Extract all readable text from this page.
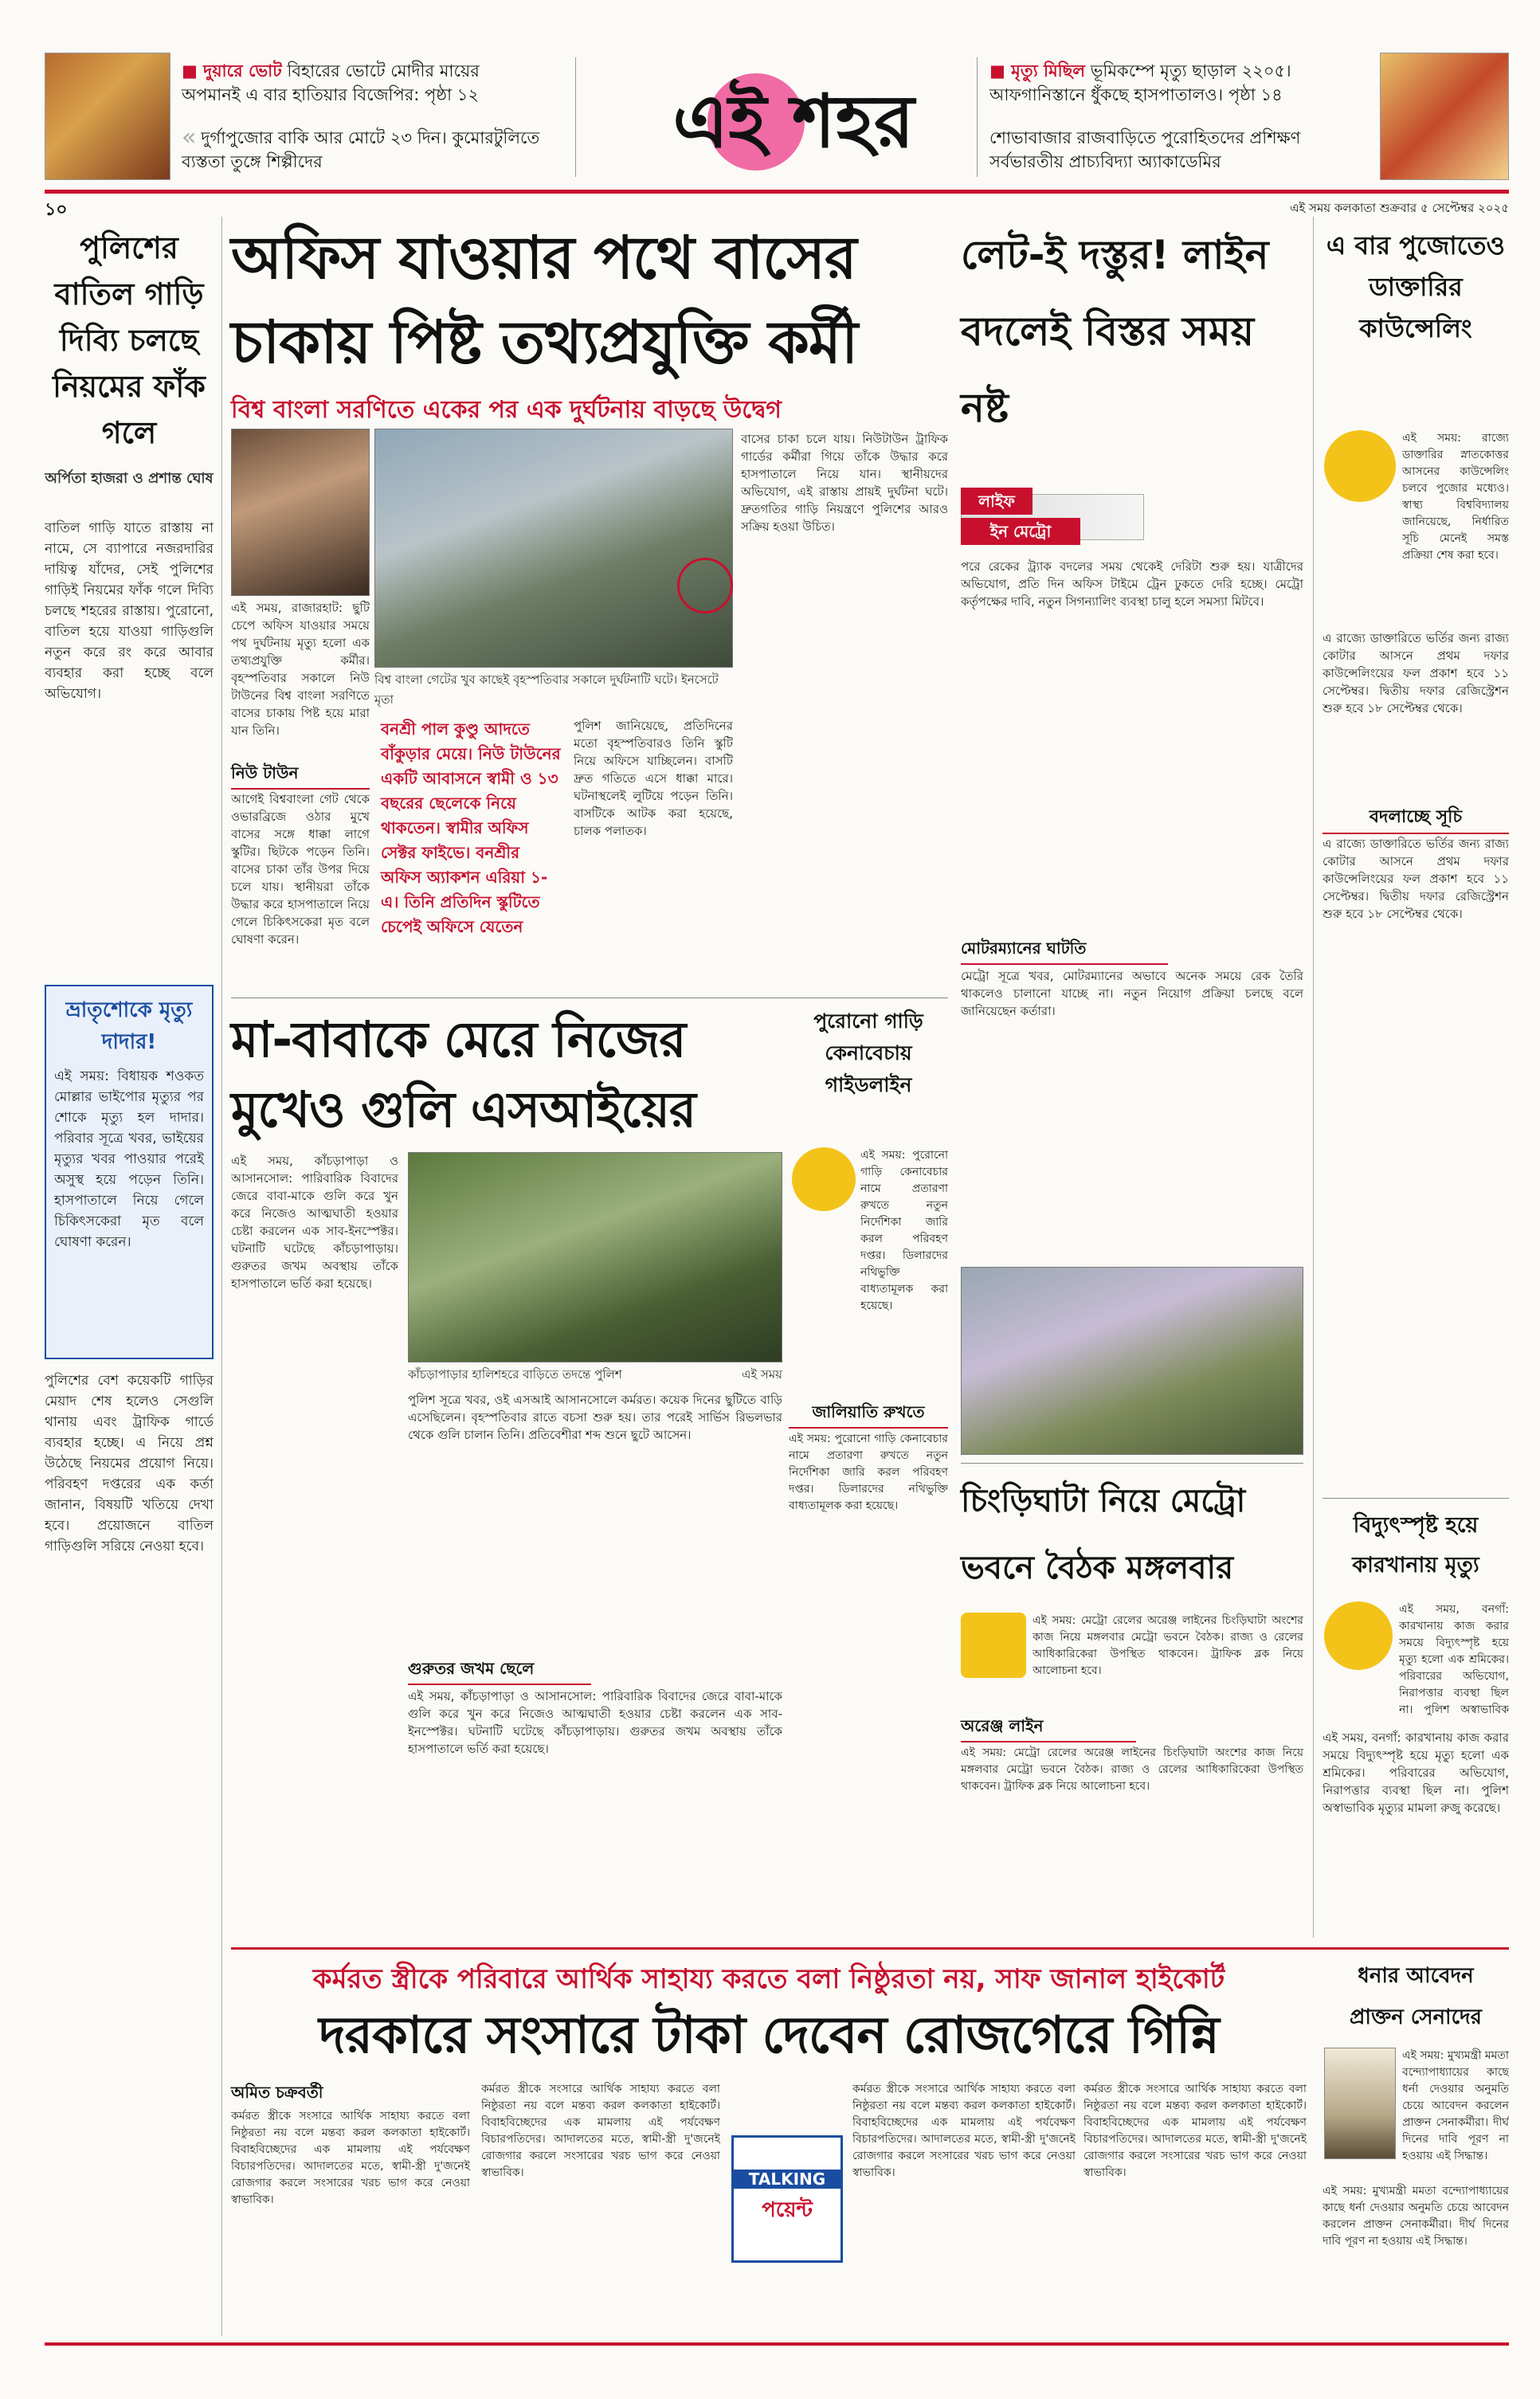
■ দুয়ারে ভোট বিহারের ভোটে মোদীর মায়ের অপমানই এ বার হাতিয়ার বিজেপির: পৃষ্ঠা ১২
« দুর্গাপুজোর বাকি আর মোটে ২৩ দিন। কুমোরটুলিতে ব্যস্ততা তুঙ্গে শিল্পীদের	এই শহর
■ মৃত্যু মিছিল ভূমিকম্পে মৃত্যু ছাড়াল ২২০৫। আফগানিস্তানে ধুঁকছে হাসপাতালও। পৃষ্ঠা ১৪
শোভাবাজার রাজবাড়িতে পুরোহিতদের প্রশিক্ষণ সর্বভারতীয় প্রাচ্যবিদ্যা অ্যাকাডেমির
১০	এই সময় কলকাতা শুক্রবার ৫ সেপ্টেম্বর ২০২৫
পুলিশের বাতিল গাড়ি দিব্যি চলছে নিয়মের ফাঁক গলে
অর্পিতা হাজরা ও প্রশান্ত ঘোষ
বাতিল গাড়ি যাতে রাস্তায় না নামে, সে ব্যাপারে নজরদারির দায়িত্ব যাঁদের, সেই পুলিশের গাড়িই নিয়মের ফাঁক গলে দিব্যি চলছে শহরের রাস্তায়। পুরোনো, বাতিল হয়ে যাওয়া গাড়িগুলি নতুন করে রং করে আবার ব্যবহার করা হচ্ছে বলে অভিযোগ।
ভ্রাতৃশোকে মৃত্যু দাদার!
এই সময়: বিধায়ক শওকত মোল্লার ভাইপোর মৃত্যুর পর শোকে মৃত্যু হল দাদার। পরিবার সূত্রে খবর, ভাইয়ের মৃত্যুর খবর পাওয়ার পরেই অসুস্থ হয়ে পড়েন তিনি। হাসপাতালে নিয়ে গেলে চিকিৎসকেরা মৃত বলে ঘোষণা করেন।
পুলিশের বেশ কয়েকটি গাড়ির মেয়াদ শেষ হলেও সেগুলি থানায় এবং ট্রাফিক গার্ডে ব্যবহার হচ্ছে। এ নিয়ে প্রশ্ন উঠেছে নিয়মের প্রয়োগ নিয়ে। পরিবহণ দপ্তরের এক কর্তা জানান, বিষয়টি খতিয়ে দেখা হবে। প্রয়োজনে বাতিল গাড়িগুলি সরিয়ে নেওয়া হবে।
অফিস যাওয়ার পথে বাসের
চাকায় পিষ্ট তথ্যপ্রযুক্তি কর্মী
বিশ্ব বাংলা সরণিতে একের পর এক দুর্ঘটনায় বাড়ছে উদ্বেগ
বিশ্ব বাংলা গেটের খুব কাছেই বৃহস্পতিবার সকালে দুর্ঘটনাটি ঘটে। ইনসেটে মৃতা
এই সময়, রাজারহাট: ছুটি চেপে অফিস যাওয়ার সময়ে পথ দুর্ঘটনায় মৃত্যু হলো এক তথ্যপ্রযুক্তি কর্মীর। বৃহস্পতিবার সকালে নিউ টাউনের বিশ্ব বাংলা সরণিতে বাসের চাকায় পিষ্ট হয়ে মারা যান তিনি।
নিউ টাউন
আগেই বিশ্ববাংলা গেট থেকে ওভারব্রিজে ওঠার মুখে বাসের সঙ্গে ধাক্কা লাগে স্কুটির। ছিটকে পড়েন তিনি। বাসের চাকা তাঁর উপর দিয়ে চলে যায়। স্থানীয়রা তাঁকে উদ্ধার করে হাসপাতালে নিয়ে গেলে চিকিৎসকেরা মৃত বলে ঘোষণা করেন।
বনশ্রী পাল কুণ্ডু আদতে বাঁকুড়ার মেয়ে। নিউ টাউনের একটি আবাসনে স্বামী ও ১৩ বছরের ছেলেকে নিয়ে থাকতেন। স্বামীর অফিস সেক্টর ফাইভে। বনশ্রীর অফিস অ্যাকশন এরিয়া ১-এ। তিনি প্রতিদিন স্কুটিতে চেপেই অফিসে যেতেন
পুলিশ জানিয়েছে, প্রতিদিনের মতো বৃহস্পতিবারও তিনি স্কুটি নিয়ে অফিসে যাচ্ছিলেন। বাসটি দ্রুত গতিতে এসে ধাক্কা মারে। ঘটনাস্থলেই লুটিয়ে পড়েন তিনি। বাসটিকে আটক করা হয়েছে, চালক পলাতক।
বাসের চাকা চলে যায়। নিউটাউন ট্রাফিক গার্ডের কর্মীরা গিয়ে তাঁকে উদ্ধার করে হাসপাতালে নিয়ে যান। স্থানীয়দের অভিযোগ, এই রাস্তায় প্রায়ই দুর্ঘটনা ঘটে। দ্রুতগতির গাড়ি নিয়ন্ত্রণে পুলিশের আরও সক্রিয় হওয়া উচিত।
মা-বাবাকে মেরে নিজের
মুখেও গুলি এসআইয়ের
এই সময়, কাঁচড়াপাড়া ও আসানসোল: পারিবারিক বিবাদের জেরে বাবা-মাকে গুলি করে খুন করে নিজেও আত্মঘাতী হওয়ার চেষ্টা করলেন এক সাব-ইনস্পেক্টর। ঘটনাটি ঘটেছে কাঁচড়াপাড়ায়। গুরুতর জখম অবস্থায় তাঁকে হাসপাতালে ভর্তি করা হয়েছে।
কাঁচড়াপাড়ার হালিশহরে বাড়িতে তদন্তে পুলিশ	এই সময়
পুলিশ সূত্রে খবর, ওই এসআই আসানসোলে কর্মরত। কয়েক দিনের ছুটিতে বাড়ি এসেছিলেন। বৃহস্পতিবার রাতে বচসা শুরু হয়। তার পরেই সার্ভিস রিভলভার থেকে গুলি চালান তিনি। প্রতিবেশীরা শব্দ শুনে ছুটে আসেন।
গুরুতর জখম ছেলে
এই সময়, কাঁচড়াপাড়া ও আসানসোল: পারিবারিক বিবাদের জেরে বাবা-মাকে গুলি করে খুন করে নিজেও আত্মঘাতী হওয়ার চেষ্টা করলেন এক সাব-ইনস্পেক্টর। ঘটনাটি ঘটেছে কাঁচড়াপাড়ায়। গুরুতর জখম অবস্থায় তাঁকে হাসপাতালে ভর্তি করা হয়েছে।
পুরোনো গাড়ি কেনাবেচায় গাইডলাইন
এই সময়: পুরোনো গাড়ি কেনাবেচার নামে প্রতারণা রুখতে নতুন নির্দেশিকা জারি করল পরিবহণ দপ্তর। ডিলারদের নথিভুক্তি বাধ্যতামূলক করা হয়েছে।
জালিয়াতি রুখতে
এই সময়: পুরোনো গাড়ি কেনাবেচার নামে প্রতারণা রুখতে নতুন নির্দেশিকা জারি করল পরিবহণ দপ্তর। ডিলারদের নথিভুক্তি বাধ্যতামূলক করা হয়েছে।
লেট-ই দস্তুর! লাইন বদলেই বিস্তর সময় নষ্ট
লাইফ
ইন মেট্রো
পরে রেকের ট্র্যাক বদলের সময় থেকেই দেরিটা শুরু হয়। যাত্রীদের অভিযোগ, প্রতি দিন অফিস টাইমে ট্রেন ঢুকতে দেরি হচ্ছে। মেট্রো কর্তৃপক্ষের দাবি, নতুন সিগন্যালিং ব্যবস্থা চালু হলে সমস্যা মিটবে।
মোটরম্যানের ঘাটতি
মেট্রো সূত্রে খবর, মোটরম্যানের অভাবে অনেক সময়ে রেক তৈরি থাকলেও চালানো যাচ্ছে না। নতুন নিয়োগ প্রক্রিয়া চলছে বলে জানিয়েছেন কর্তারা।
চিংড়িঘাটা নিয়ে মেট্রো ভবনে বৈঠক মঙ্গলবার
এই সময়: মেট্রো রেলের অরেঞ্জ লাইনের চিংড়িঘাটা অংশের কাজ নিয়ে মঙ্গলবার মেট্রো ভবনে বৈঠক। রাজ্য ও রেলের আধিকারিকেরা উপস্থিত থাকবেন। ট্রাফিক ব্লক নিয়ে আলোচনা হবে।
অরেঞ্জ লাইন
এই সময়: মেট্রো রেলের অরেঞ্জ লাইনের চিংড়িঘাটা অংশের কাজ নিয়ে মঙ্গলবার মেট্রো ভবনে বৈঠক। রাজ্য ও রেলের আধিকারিকেরা উপস্থিত থাকবেন। ট্রাফিক ব্লক নিয়ে আলোচনা হবে।
এ বার পুজোতেও ডাক্তারির কাউন্সেলিং
এই সময়: রাজ্যে ডাক্তারির স্নাতকোত্তর আসনের কাউন্সেলিং চলবে পুজোর মধ্যেও। স্বাস্থ্য বিশ্ববিদ্যালয় জানিয়েছে, নির্ধারিত সূচি মেনেই সমস্ত প্রক্রিয়া শেষ করা হবে।
এ রাজ্যে ডাক্তারিতে ভর্তির জন্য রাজ্য কোটার আসনে প্রথম দফার কাউন্সেলিংয়ের ফল প্রকাশ হবে ১১ সেপ্টেম্বর। দ্বিতীয় দফার রেজিস্ট্রেশন শুরু হবে ১৮ সেপ্টেম্বর থেকে।
বদলাচ্ছে সূচি
এ রাজ্যে ডাক্তারিতে ভর্তির জন্য রাজ্য কোটার আসনে প্রথম দফার কাউন্সেলিংয়ের ফল প্রকাশ হবে ১১ সেপ্টেম্বর। দ্বিতীয় দফার রেজিস্ট্রেশন শুরু হবে ১৮ সেপ্টেম্বর থেকে।
বিদ্যুৎস্পৃষ্ট হয়ে কারখানায় মৃত্যু
এই সময়, বনগাঁ: কারখানায় কাজ করার সময়ে বিদ্যুৎস্পৃষ্ট হয়ে মৃত্যু হলো এক শ্রমিকের। পরিবারের অভিযোগ, নিরাপত্তার ব্যবস্থা ছিল না। পুলিশ অস্বাভাবিক
এই সময়, বনগাঁ: কারখানায় কাজ করার সময়ে বিদ্যুৎস্পৃষ্ট হয়ে মৃত্যু হলো এক শ্রমিকের। পরিবারের অভিযোগ, নিরাপত্তার ব্যবস্থা ছিল না। পুলিশ অস্বাভাবিক মৃত্যুর মামলা রুজু করেছে।
কর্মরত স্ত্রীকে পরিবারে আর্থিক সাহায্য করতে বলা নিষ্ঠুরতা নয়, সাফ জানাল হাইকোর্ট
দরকারে সংসারে টাকা দেবেন রোজগেরে গিন্নি
অমিত চক্রবর্তী
কর্মরত স্ত্রীকে সংসারে আর্থিক সাহায্য করতে বলা নিষ্ঠুরতা নয় বলে মন্তব্য করল কলকাতা হাইকোর্ট। বিবাহবিচ্ছেদের এক মামলায় এই পর্যবেক্ষণ বিচারপতিদের। আদালতের মতে, স্বামী-স্ত্রী দু'জনেই রোজগার করলে সংসারের খরচ ভাগ করে নেওয়া স্বাভাবিক।
কর্মরত স্ত্রীকে সংসারে আর্থিক সাহায্য করতে বলা নিষ্ঠুরতা নয় বলে মন্তব্য করল কলকাতা হাইকোর্ট। বিবাহবিচ্ছেদের এক মামলায় এই পর্যবেক্ষণ বিচারপতিদের। আদালতের মতে, স্বামী-স্ত্রী দু'জনেই রোজগার করলে সংসারের খরচ ভাগ করে নেওয়া স্বাভাবিক।	TALKING
পয়েন্ট
কর্মরত স্ত্রীকে সংসারে আর্থিক সাহায্য করতে বলা নিষ্ঠুরতা নয় বলে মন্তব্য করল কলকাতা হাইকোর্ট। বিবাহবিচ্ছেদের এক মামলায় এই পর্যবেক্ষণ বিচারপতিদের। আদালতের মতে, স্বামী-স্ত্রী দু'জনেই রোজগার করলে সংসারের খরচ ভাগ করে নেওয়া স্বাভাবিক।
কর্মরত স্ত্রীকে সংসারে আর্থিক সাহায্য করতে বলা নিষ্ঠুরতা নয় বলে মন্তব্য করল কলকাতা হাইকোর্ট। বিবাহবিচ্ছেদের এক মামলায় এই পর্যবেক্ষণ বিচারপতিদের। আদালতের মতে, স্বামী-স্ত্রী দু'জনেই রোজগার করলে সংসারের খরচ ভাগ করে নেওয়া স্বাভাবিক।
ধনার আবেদন
প্রাক্তন সেনাদের
এই সময়: মুখ্যমন্ত্রী মমতা বন্দ্যোপাধ্যায়ের কাছে ধর্না দেওয়ার অনুমতি চেয়ে আবেদন করলেন প্রাক্তন সেনাকর্মীরা। দীর্ঘ দিনের দাবি পূরণ না হওয়ায় এই সিদ্ধান্ত।
এই সময়: মুখ্যমন্ত্রী মমতা বন্দ্যোপাধ্যায়ের কাছে ধর্না দেওয়ার অনুমতি চেয়ে আবেদন করলেন প্রাক্তন সেনাকর্মীরা। দীর্ঘ দিনের দাবি পূরণ না হওয়ায় এই সিদ্ধান্ত।
